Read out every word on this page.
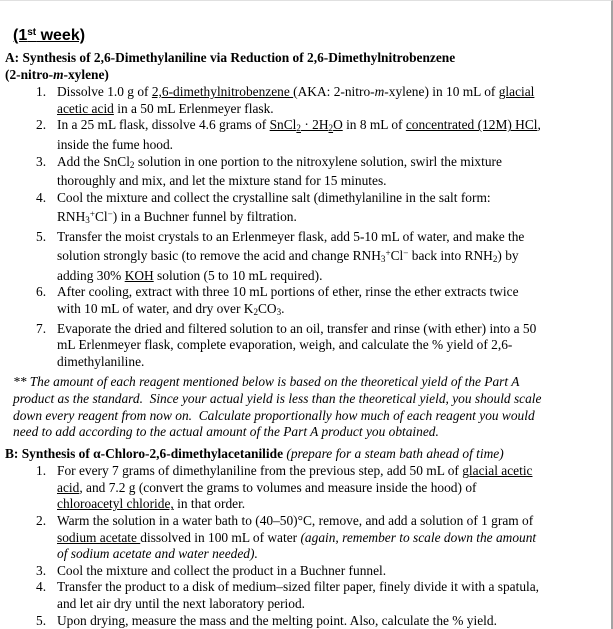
(1st week)
A: Synthesis of 2,6-Dimethylaniline via Reduction of 2,6-Dimethylnitrobenzene
(2-nitro-m-xylene)
Dissolve 1.0 g of 2,6-dimethylnitrobenzene (AKA: 2-nitro-m-xylene) in 10 mL of glacial acetic acid in a 50 mL Erlenmeyer flask.
In a 25 mL flask, dissolve 4.6 grams of SnCl2 · 2H2O in 8 mL of concentrated (12M) HCl, inside the fume hood.
Add the SnCl2 solution in one portion to the nitroxylene solution, swirl the mixture thoroughly and mix, and let the mixture stand for 15 minutes.
Cool the mixture and collect the crystalline salt (dimethylaniline in the salt form: RNH3+Cl−) in a Buchner funnel by filtration.
Transfer the moist crystals to an Erlenmeyer flask, add 5-10 mL of water, and make the solution strongly basic (to remove the acid and change RNH3+Cl− back into RNH2) by adding 30% KOH solution (5 to 10 mL required).
After cooling, extract with three 10 mL portions of ether, rinse the ether extracts twice with 10 mL of water, and dry over K2CO3.
Evaporate the dried and filtered solution to an oil, transfer and rinse (with ether) into a 50 mL Erlenmeyer flask, complete evaporation, weigh, and calculate the % yield of 2,6-dimethylaniline.

** The amount of each reagent mentioned below is based on the theoretical yield of the Part A product as the standard.  Since your actual yield is less than the theoretical yield, you should scale down every reagent from now on.  Calculate proportionally how much of each reagent you would need to add according to the actual amount of the Part A product you obtained.

B: Synthesis of α-Chloro-2,6-dimethylacetanilide (prepare for a steam bath ahead of time)
For every 7 grams of dimethylaniline from the previous step, add 50 mL of glacial acetic acid, and 7.2 g (convert the grams to volumes and measure inside the hood) of chloroacetyl chloride, in that order.
Warm the solution in a water bath to (40–50)°C, remove, and add a solution of 1 gram of sodium acetate dissolved in 100 mL of water (again, remember to scale down the amount of sodium acetate and water needed).
Cool the mixture and collect the product in a Buchner funnel.
Transfer the product to a disk of medium–sized filter paper, finely divide it with a spatula, and let air dry until the next laboratory period.
Upon drying, measure the mass and the melting point. Also, calculate the % yield.
